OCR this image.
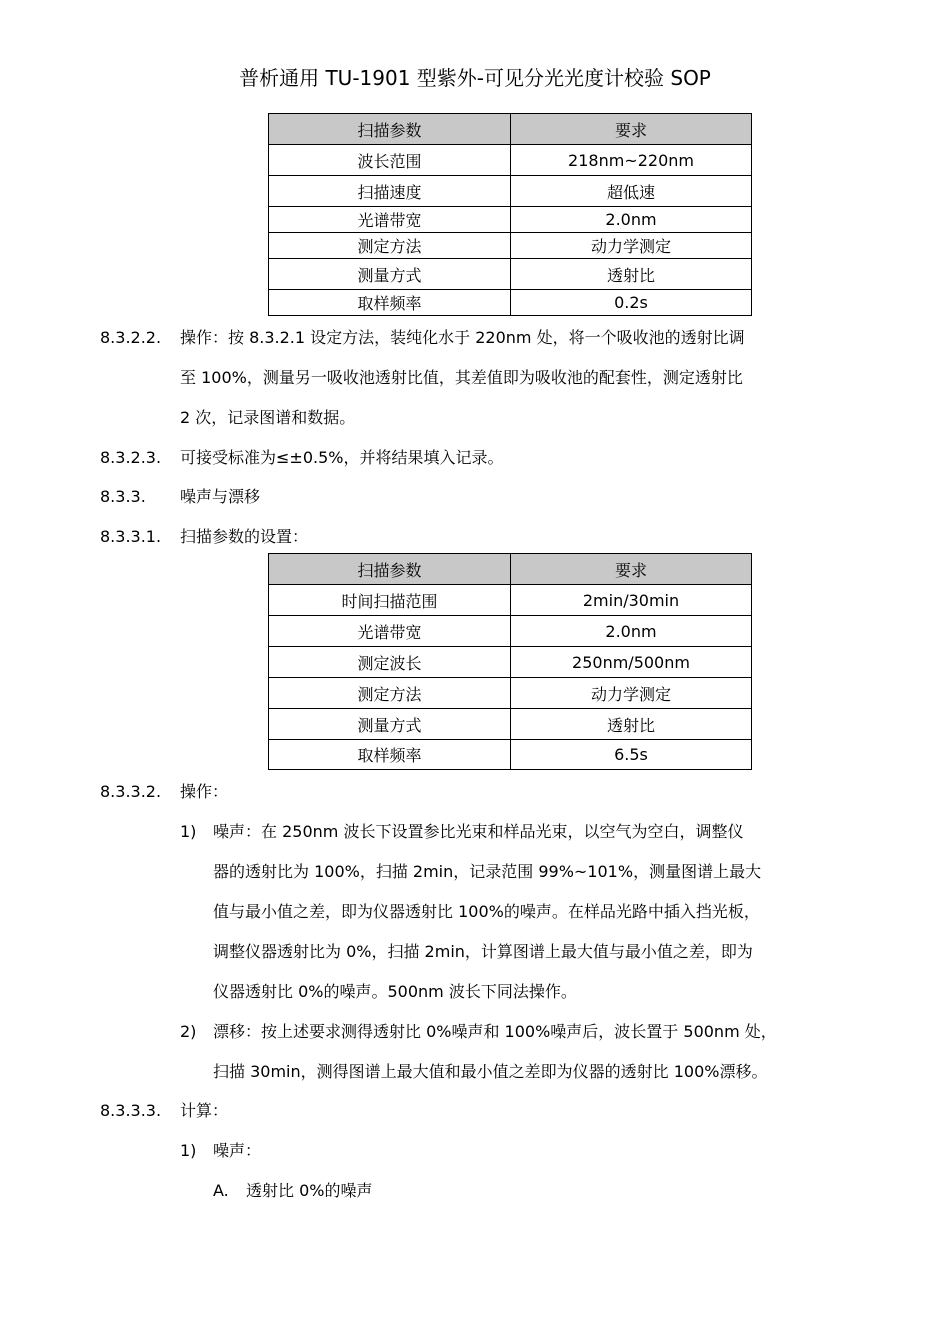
普析通用 TU-1901 型紫外-可见分光光度计校验 SOP
扫描参数	要求
波长范围	218nm~220nm
扫描速度	超低速
光谱带宽	2.0nm
测定方法	动力学测定
测量方式	透射比
取样频率	0.2s
8.3.2.2. 操作：按 8.3.2.1 设定方法，装纯化水于 220nm 处，将一个吸收池的透射比调
至 100%，测量另一吸收池透射比值，其差值即为吸收池的配套性，测定透射比
2 次，记录图谱和数据。
8.3.2.3. 可接受标准为≤±0.5%，并将结果填入记录。
8.3.3. 噪声与漂移
8.3.3.1. 扫描参数的设置：
扫描参数	要求
时间扫描范围	2min/30min
光谱带宽	2.0nm
测定波长	250nm/500nm
测定方法	动力学测定
测量方式	透射比
取样频率	6.5s
8.3.3.2. 操作：
1) 噪声：在 250nm 波长下设置参比光束和样品光束，以空气为空白，调整仪
器的透射比为 100%，扫描 2min，记录范围 99%~101%，测量图谱上最大
值与最小值之差，即为仪器透射比 100%的噪声。在样品光路中插入挡光板，
调整仪器透射比为 0%，扫描 2min，计算图谱上最大值与最小值之差，即为
仪器透射比 0%的噪声。500nm 波长下同法操作。
2) 漂移：按上述要求测得透射比 0%噪声和 100%噪声后，波长置于 500nm 处，
扫描 30min，测得图谱上最大值和最小值之差即为仪器的透射比 100%漂移。
8.3.3.3. 计算：
1) 噪声：
A. 透射比 0%的噪声
